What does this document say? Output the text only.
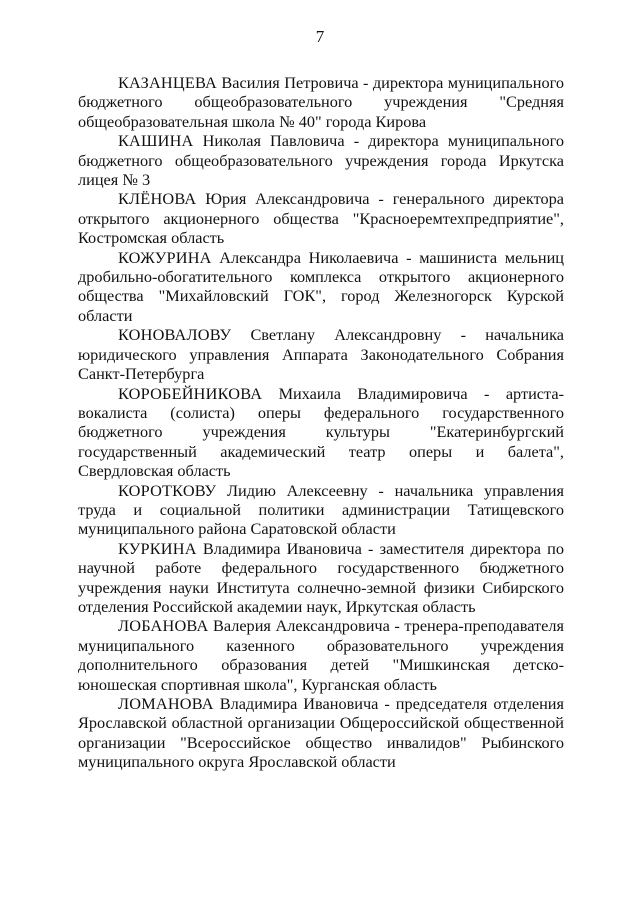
7

КАЗАНЦЕВА Василия Петровича - директора муниципального бюджетного общеобразовательного учреждения "Средняя общеобразовательная школа № 40" города Кирова

КАШИНА Николая Павловича - директора муниципального бюджетного общеобразовательного учреждения города Иркутска лицея № 3

КЛЁНОВА Юрия Александровича - генерального директора открытого акционерного общества "Красноеремтехпредприятие", Костромская область

КОЖУРИНА Александра Николаевича - машиниста мельниц дробильно-обогатительного комплекса открытого акционерного общества "Михайловский ГОК", город Железногорск Курской области

КОНОВАЛОВУ Светлану Александровну - начальника юридического управления Аппарата Законодательного Собрания Санкт-Петербурга

КОРОБЕЙНИКОВА Михаила Владимировича - артиста-вокалиста (солиста) оперы федерального государственного бюджетного учреждения культуры "Екатеринбургский государственный академический театр оперы и балета", Свердловская область

КОРОТКОВУ Лидию Алексеевну - начальника управления труда и социальной политики администрации Татищевского муниципального района Саратовской области

КУРКИНА Владимира Ивановича - заместителя директора по научной работе федерального государственного бюджетного учреждения науки Института солнечно-земной физики Сибирского отделения Российской академии наук, Иркутская область

ЛОБАНОВА Валерия Александровича - тренера-преподавателя муниципального казенного образовательного учреждения дополнительного образования детей "Мишкинская детско-юношеская спортивная школа", Курганская область

ЛОМАНОВА Владимира Ивановича - председателя отделения Ярославской областной организации Общероссийской общественной организации "Всероссийское общество инвалидов" Рыбинского муниципального округа Ярославской области
